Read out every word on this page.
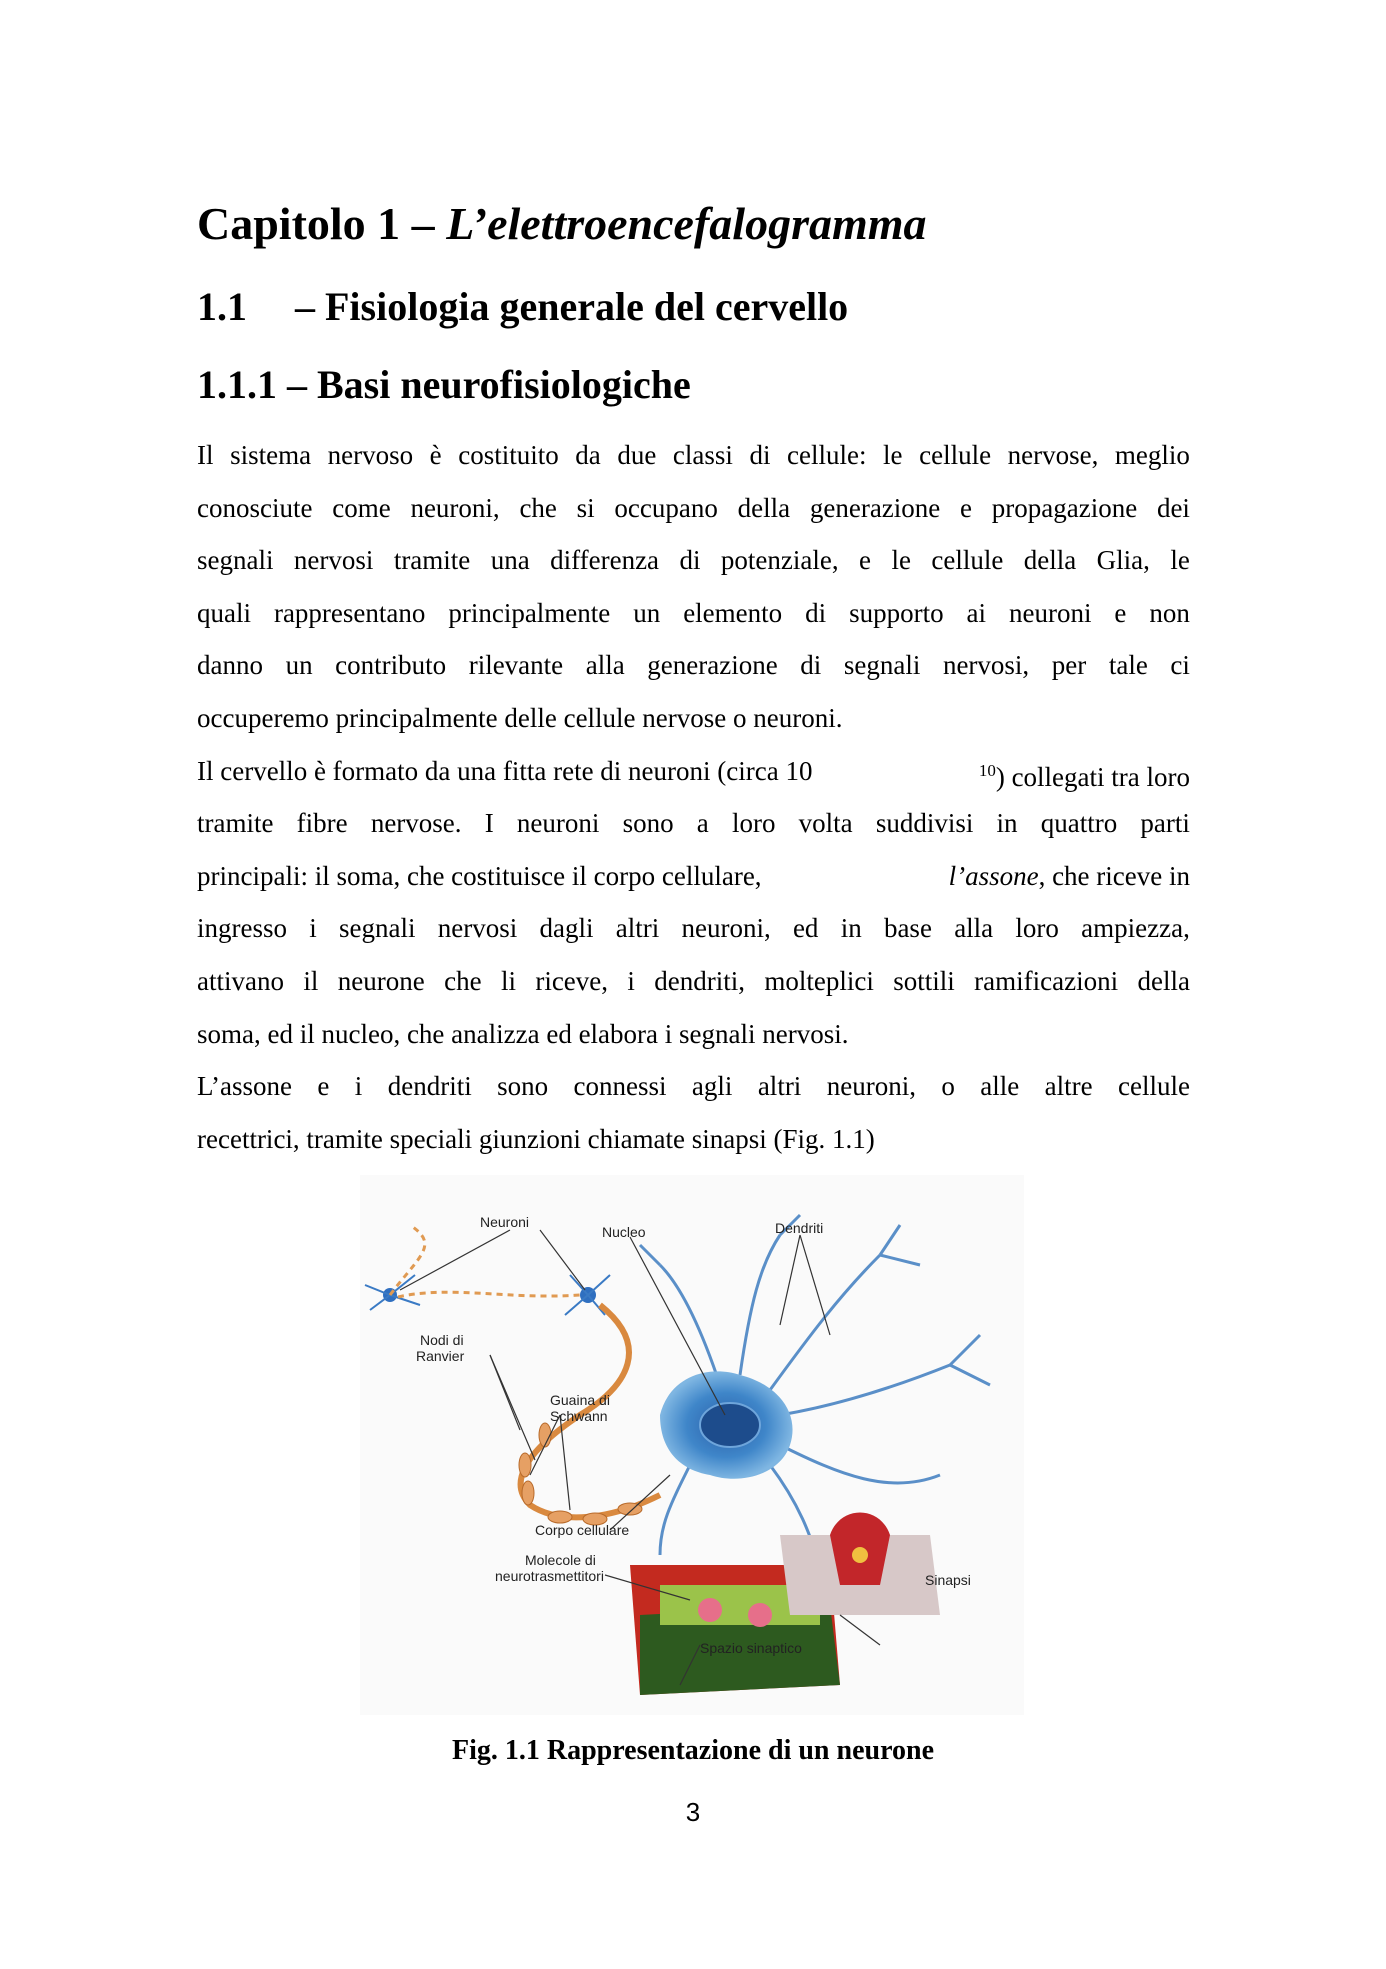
Capitolo 1 – L’elettroencefalogramma
1.1 – Fisiologia generale del cervello
1.1.1 – Basi neurofisiologiche
Il sistema nervoso è costituito da due classi di cellule: le cellule nervose, meglio
conosciute come neuroni, che si occupano della generazione e propagazione dei
segnali nervosi tramite una differenza di potenziale, e le cellule della Glia, le
quali rappresentano principalmente un elemento di supporto ai neuroni e non
danno un contributo rilevante alla generazione di segnali nervosi, per tale ci
occuperemo principalmente delle cellule nervose o neuroni.
Il cervello è formato da una fitta rete di neuroni (circa 10	$^{10}$) collegati tra loro
tramite fibre nervose. I neuroni sono a loro volta suddivisi in quattro parti
principali: il soma, che costituisce il corpo cellulare,	l’assone, che riceve in
ingresso i segnali nervosi dagli altri neuroni, ed in base alla loro ampiezza,
attivano il neurone che li riceve, i dendriti, molteplici sottili ramificazioni della
soma, ed il nucleo, che analizza ed elabora i segnali nervosi.
L’assone e i dendriti sono connessi agli altri neuroni, o alle altre cellule
recettrici, tramite speciali giunzioni chiamate sinapsi (Fig. 1.1)
Neuroni
Nucleo	Dendriti
Nodi di
Ranvier
Guaina di
Schwann
Corpo cellulare
Molecole di
neurotrasmettitori	Sinapsi
Spazio sinaptico
Fig. 1.1 Rappresentazione di un neurone
3
